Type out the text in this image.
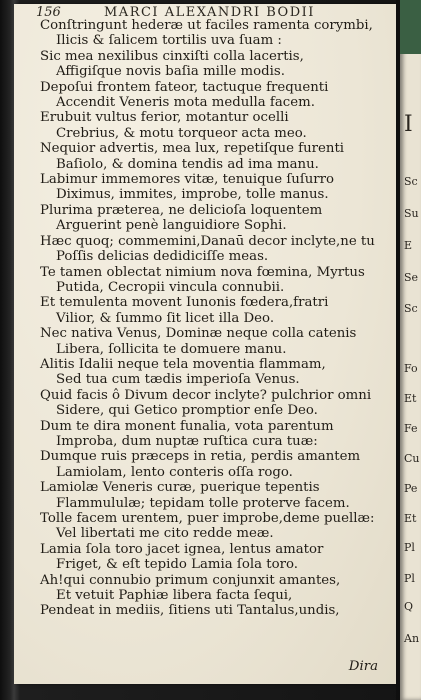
156	MARCI ALEXANDRI BODII
Conſtringunt hederæ ut faciles ramenta corymbi,
Ilicis & ſalicem tortilis uva ſuam :
Sic mea nexilibus cinxiſti colla lacertis,
Affigiſque novis baſia mille modis.
Depoſui frontem fateor, tactuque frequenti
Accendit Veneris mota medulla facem.
Erubuit vultus ferior, motantur ocelli
Crebrius, & motu torqueor acta meo.
Nequior advertis, mea lux, repetiſque furenti
Baſiolo, & domina tendis ad ima manu.
Labimur immemores vitæ, tenuique ſuſurro
Diximus, immites, improbe, tolle manus.
Plurima præterea, ne delicioſa loquentem
Arguerint penè languidiore Sophi.
Hæc quoq; commemini,Danaū decor inclyte,ne tu
Poſſis delicias dedidiciſſe meas.
Te tamen oblectat nimium nova fœmina, Myrtus
Putida, Cecropii vincula connubii.
Et temulenta movent Iunonis fœdera,fratri
Vilior, & ſummo ſit licet illa Deo.
Nec nativa Venus, Dominæ neque colla catenis
Libera, ſollicita te domuere manu.
Alitis Idalii neque tela moventia flammam,
Sed tua cum tædis imperioſa Venus.
Quid facis ô Divum decor inclyte? pulchrior omni
Sidere, qui Getico promptior enſe Deo.
Dum te dira monent funalia, vota parentum
Improba, dum nuptæ ruſtica cura tuæ:
Dumque ruis præceps in retia, perdis amantem
Lamiolam, lento conteris oſſa rogo.
Lamiolæ Veneris curæ, puerique tepentis
Flammululæ; tepidam tolle proterve facem.
Tolle facem urentem, puer improbe,deme puellæ:
Vel libertati me cito redde meæ.
Lamia ſola toro jacet ignea, lentus amator
Friget, & eſt tepido Lamia ſola toro.
Ah!qui connubio primum conjunxit amantes,
Et vetuit Paphiæ libera facta ſequi,
Pendeat in mediis, ſitiens uti Tantalus,undis,
Dira
I
Sc
Su
E
Se
Sc
Fo
Et
Fe
Cu
Pe
Et
Pl
Pl
Q
An
